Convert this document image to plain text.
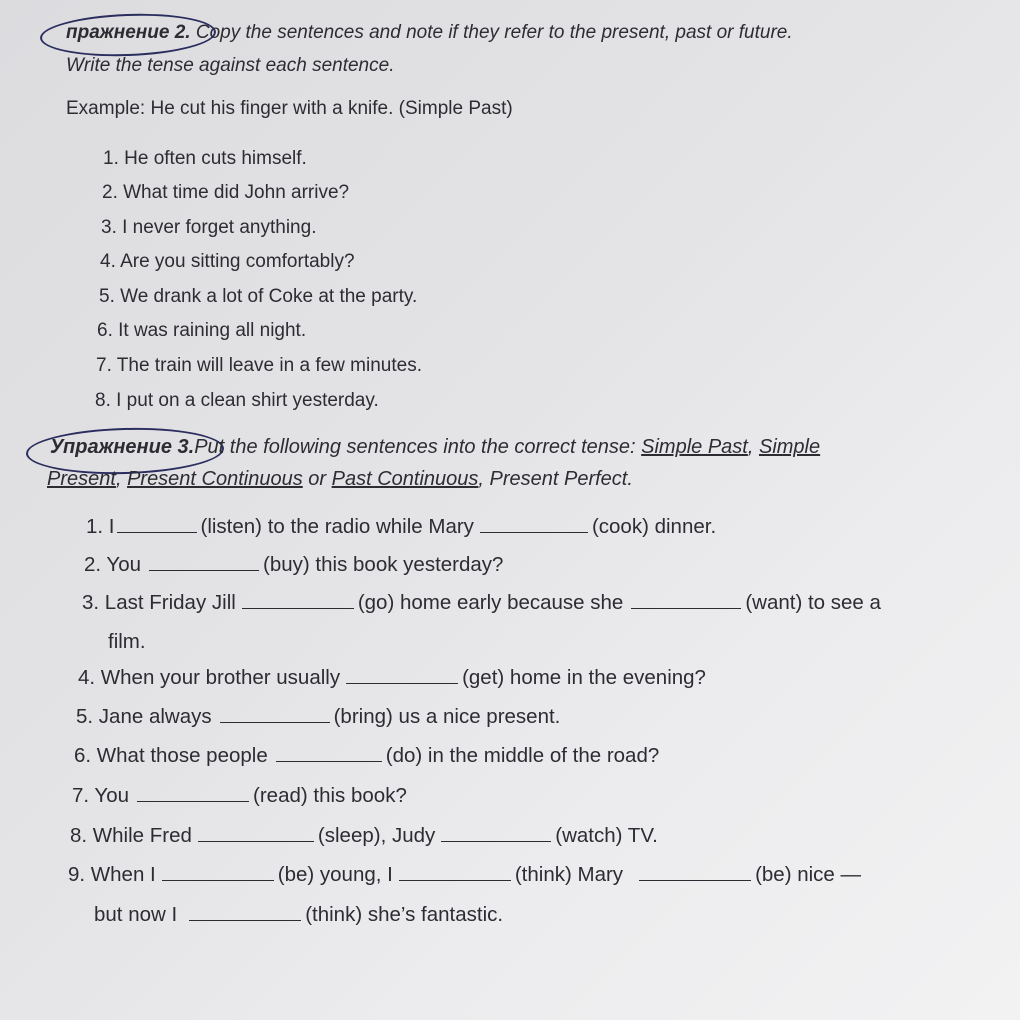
пражнение 2. Copy the sentences and note if they refer to the present, past or future.
Write the tense against each sentence.
Example: He cut his finger with a knife. (Simple Past)
1. He often cuts himself.
2. What time did John arrive?
3. I never forget anything.
4. Are you sitting comfortably?
5. We drank a lot of Coke at the party.
6. It was raining all night.
7. The train will leave in a few minutes.
8. I put on a clean shirt yesterday.
Упражнение 3.Put the following sentences into the correct tense: Simple Past, Simple
Present, Present Continuous or Past Continuous, Present Perfect.
1. I	(listen) to the radio while Mary	(cook) dinner.
2. You	(buy) this book yesterday?
3. Last Friday Jill	(go) home early because she	(want) to see a
film.
4. When your brother usually	(get) home in the evening?
5. Jane always	(bring) us a nice present.
6. What those people	(do) in the middle of the road?
7. You	(read) this book?
8. While Fred	(sleep), Judy	(watch) TV.
9. When I	(be) young, I	(think) Mary	(be) nice —
but now I	(think) she’s fantastic.
